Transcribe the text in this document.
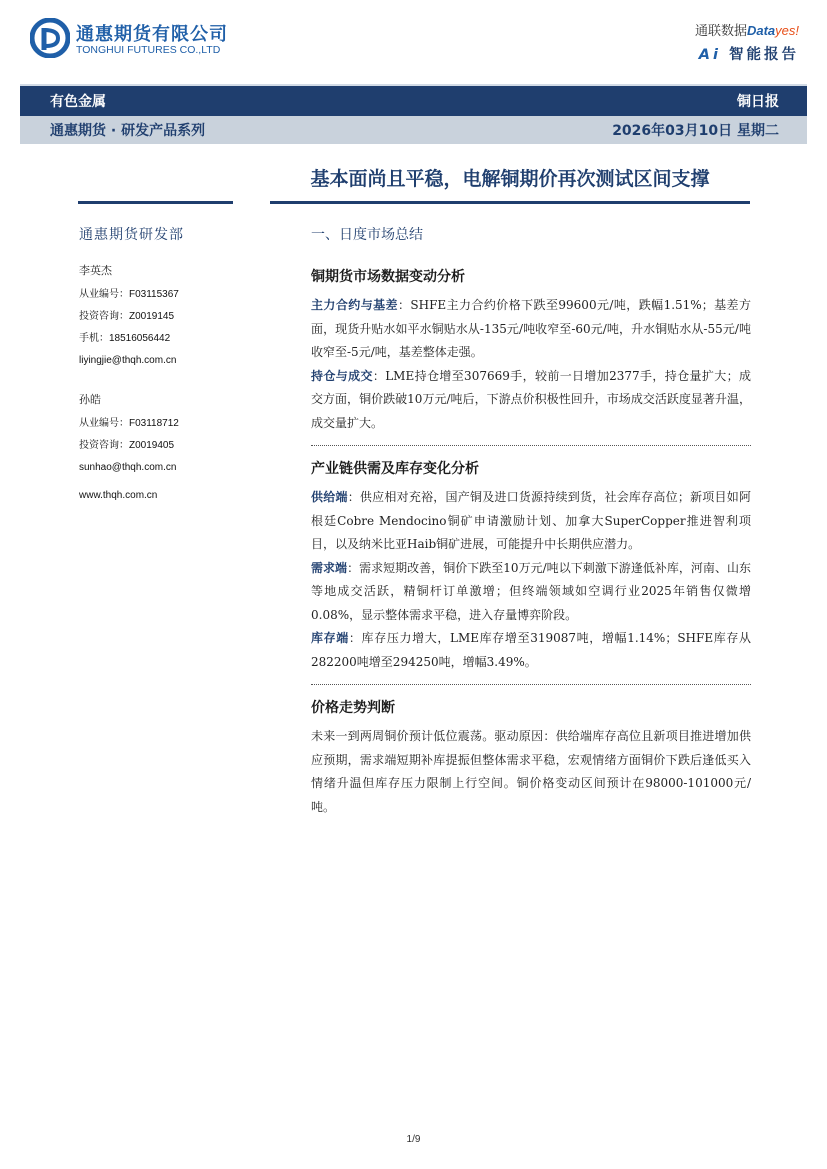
通惠期货有限公司
TONGHUI FUTURES CO.,LTD
通联数据Datayes!
Ai 智能报告
有色金属	铜日报
通惠期货 · 研发产品系列	2026年03月10日 星期二
基本面尚且平稳，电解铜期价再次测试区间支撑
通惠期货研发部
李英杰
从业编号：F03115367
投资咨询：Z0019145
手机：18516056442
liyingjie@thqh.com.cn
孙皓
从业编号：F03118712
投资咨询：Z0019405
sunhao@thqh.com.cn
www.thqh.com.cn
一、日度市场总结
铜期货市场数据变动分析

主力合约与基差：SHFE主力合约价格下跌至99600元/吨，跌幅1.51%；基差方面，现货升贴水如平水铜贴水从-135元/吨收窄至-60元/吨，升水铜贴水从-55元/吨收窄至-5元/吨，基差整体走强。

持仓与成交：LME持仓增至307669手，较前一日增加2377手，持仓量扩大；成交方面，铜价跌破10万元/吨后，下游点价积极性回升，市场成交活跃度显著升温，成交量扩大。

产业链供需及库存变化分析

供给端：供应相对充裕，国产铜及进口货源持续到货，社会库存高位；新项目如阿根廷Cobre Mendocino铜矿申请激励计划、加拿大SuperCopper推进智利项目，以及纳米比亚Haib铜矿进展，可能提升中长期供应潜力。

需求端：需求短期改善，铜价下跌至10万元/吨以下刺激下游逢低补库，河南、山东等地成交活跃，精铜杆订单激增；但终端领域如空调行业2025年销售仅微增0.08%，显示整体需求平稳，进入存量博弈阶段。

库存端：库存压力增大，LME库存增至319087吨，增幅1.14%；SHFE库存从282200吨增至294250吨，增幅3.49%。

价格走势判断

未来一到两周铜价预计低位震荡。驱动原因：供给端库存高位且新项目推进增加供应预期，需求端短期补库提振但整体需求平稳，宏观情绪方面铜价下跌后逢低买入情绪升温但库存压力限制上行空间。铜价格变动区间预计在98000-101000元/吨。

1/9
